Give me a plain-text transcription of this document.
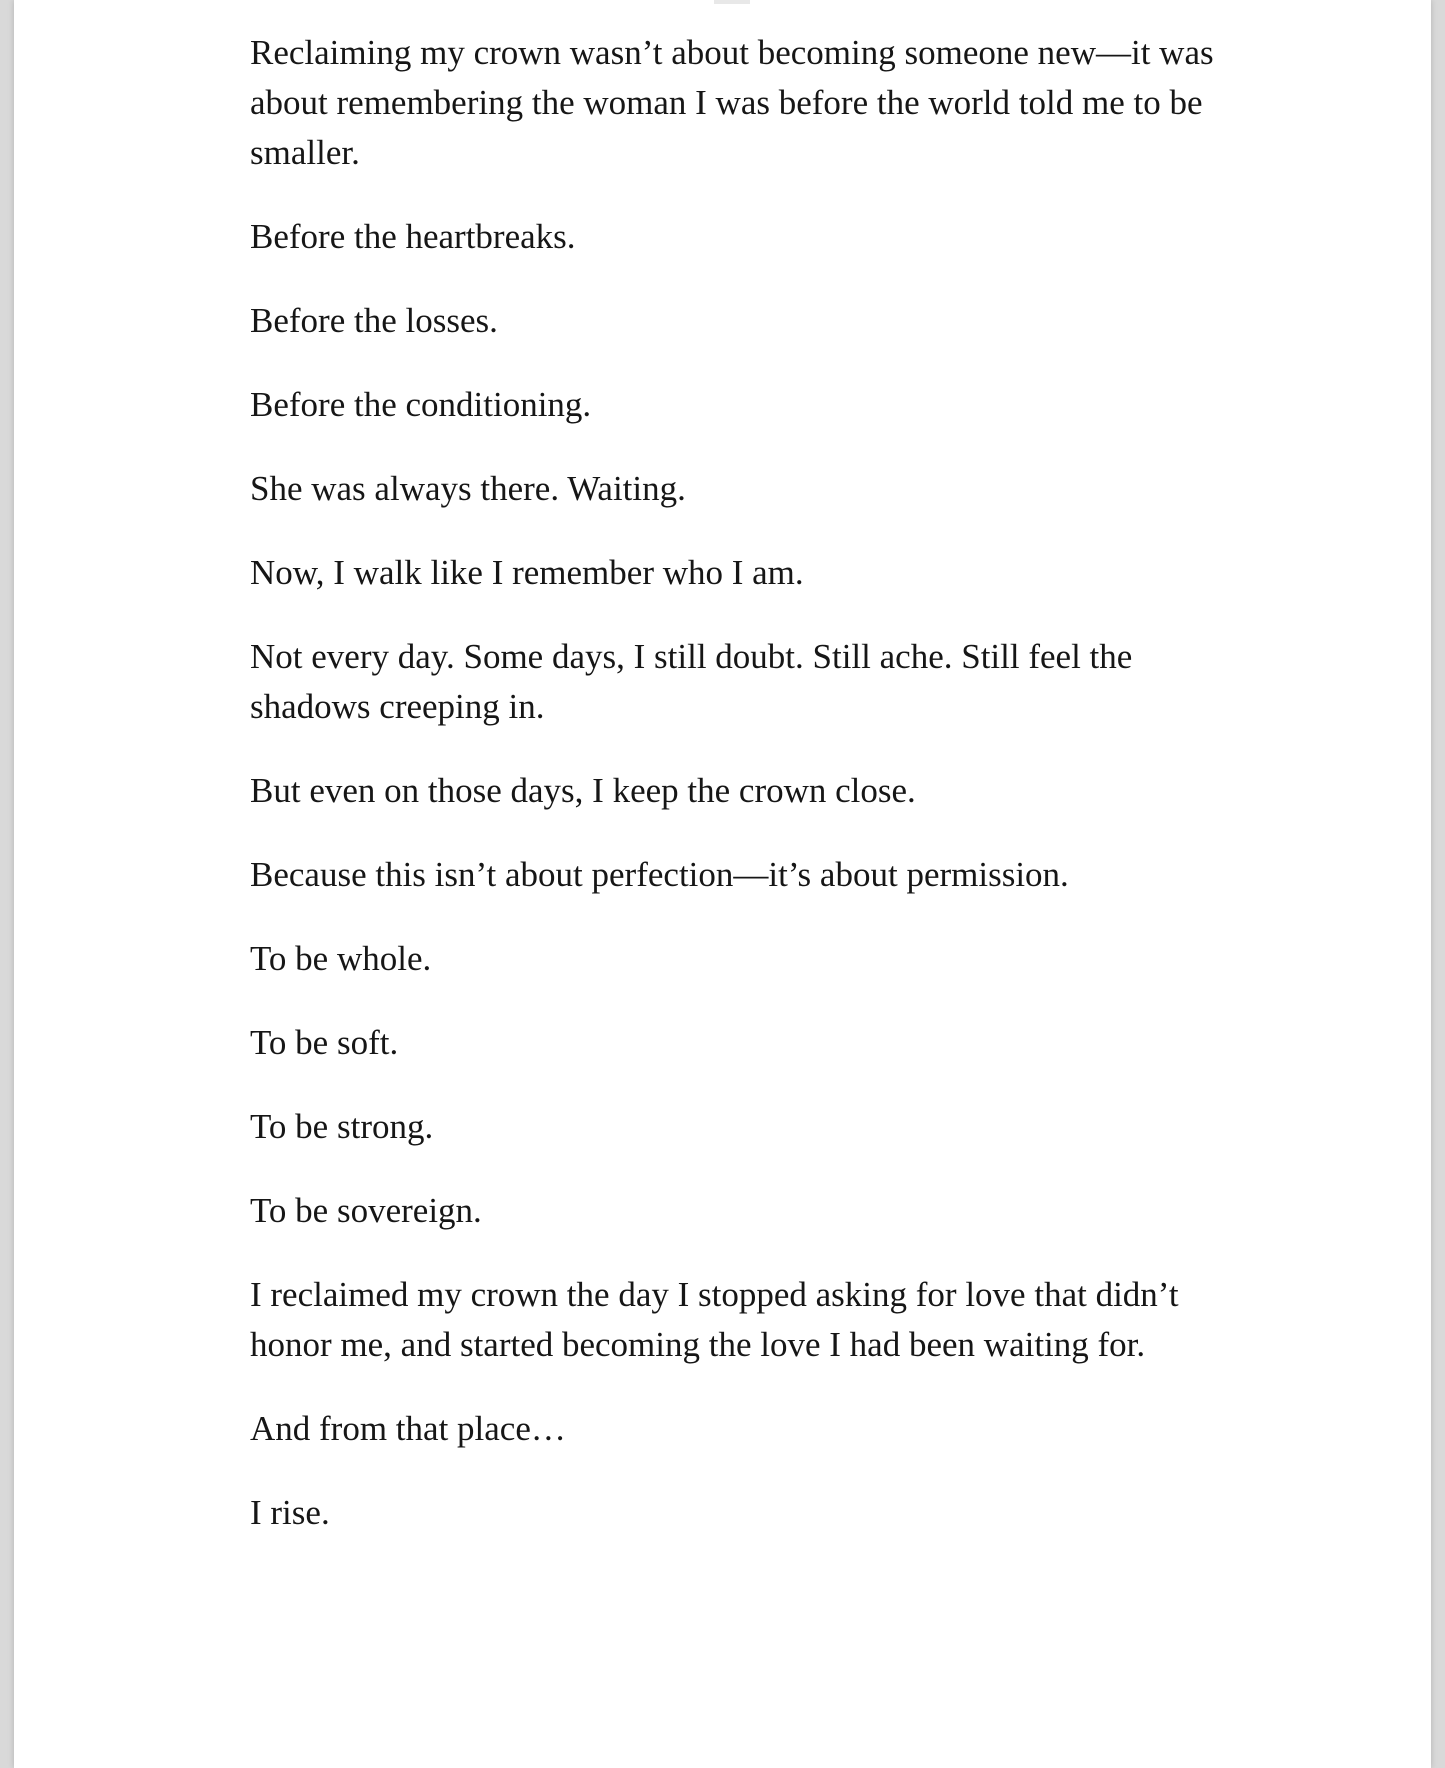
Reclaiming my crown wasn’t about becoming someone new—it was about remembering the woman I was before the world told me to be smaller.

Before the heartbreaks.

Before the losses.

Before the conditioning.

She was always there. Waiting.

Now, I walk like I remember who I am.

Not every day. Some days, I still doubt. Still ache. Still feel the shadows creeping in.

But even on those days, I keep the crown close.

Because this isn’t about perfection—it’s about permission.

To be whole.

To be soft.

To be strong.

To be sovereign.

I reclaimed my crown the day I stopped asking for love that didn’t honor me, and started becoming the love I had been waiting for.

And from that place…

I rise.
